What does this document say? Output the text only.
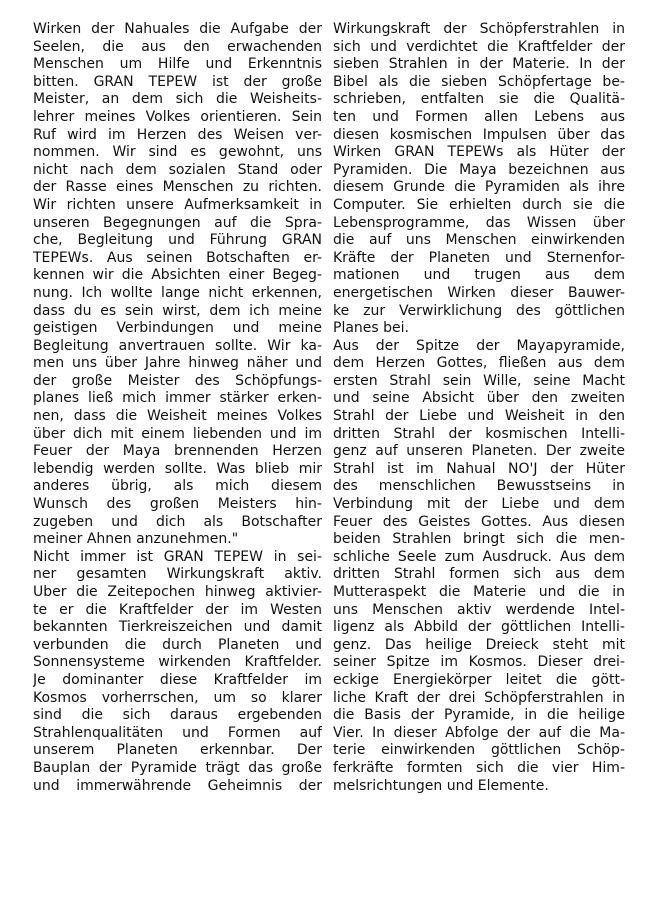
Wirken der Nahuales die Aufgabe der
Seelen, die aus den erwachenden
Menschen um Hilfe und Erkenntnis
bitten. GRAN TEPEW ist der große
Meister, an dem sich die Weisheits-
lehrer meines Volkes orientieren. Sein
Ruf wird im Herzen des Weisen ver-
nommen. Wir sind es gewohnt, uns
nicht nach dem sozialen Stand oder
der Rasse eines Menschen zu richten.
Wir richten unsere Aufmerksamkeit in
unseren Begegnungen auf die Spra-
che, Begleitung und Führung GRAN
TEPEWs. Aus seinen Botschaften er-
kennen wir die Absichten einer Begeg-
nung. Ich wollte lange nicht erkennen,
dass du es sein wirst, dem ich meine
geistigen Verbindungen und meine
Begleitung anvertrauen sollte. Wir ka-
men uns über Jahre hinweg näher und
der große Meister des Schöpfungs-
planes ließ mich immer stärker erken-
nen, dass die Weisheit meines Volkes
über dich mit einem liebenden und im
Feuer der Maya brennenden Herzen
lebendig werden sollte. Was blieb mir
anderes übrig, als mich diesem
Wunsch des großen Meisters hin-
zugeben und dich als Botschafter
meiner Ahnen anzunehmen."
Nicht immer ist GRAN TEPEW in sei-
ner gesamten Wirkungskraft aktiv.
Über die Zeitepochen hinweg aktivier-
te er die Kraftfelder der im Westen
bekannten Tierkreiszeichen und damit
verbunden die durch Planeten und
Sonnensysteme wirkenden Kraftfelder.
Je dominanter diese Kraftfelder im
Kosmos vorherrschen, um so klarer
sind die sich daraus ergebenden
Strahlenqualitäten und Formen auf
unserem Planeten erkennbar. Der
Bauplan der Pyramide trägt das große
und immerwährende Geheimnis der

Wirkungskraft der Schöpferstrahlen in
sich und verdichtet die Kraftfelder der
sieben Strahlen in der Materie. In der
Bibel als die sieben Schöpfertage be-
schrieben, entfalten sie die Qualitä-
ten und Formen allen Lebens aus
diesen kosmischen Impulsen über das
Wirken GRAN TEPEWs als Hüter der
Pyramiden. Die Maya bezeichnen aus
diesem Grunde die Pyramiden als ihre
Computer. Sie erhielten durch sie die
Lebensprogramme, das Wissen über
die auf uns Menschen einwirkenden
Kräfte der Planeten und Sternenfor-
mationen und trugen aus dem
energetischen Wirken dieser Bauwer-
ke zur Verwirklichung des göttlichen
Planes bei.
Aus der Spitze der Mayapyramide,
dem Herzen Gottes, fließen aus dem
ersten Strahl sein Wille, seine Macht
und seine Absicht über den zweiten
Strahl der Liebe und Weisheit in den
dritten Strahl der kosmischen Intelli-
genz auf unseren Planeten. Der zweite
Strahl ist im Nahual NO'J der Hüter
des menschlichen Bewusstseins in
Verbindung mit der Liebe und dem
Feuer des Geistes Gottes. Aus diesen
beiden Strahlen bringt sich die men-
schliche Seele zum Ausdruck. Aus dem
dritten Strahl formen sich aus dem
Mutteraspekt die Materie und die in
uns Menschen aktiv werdende Intel-
ligenz als Abbild der göttlichen Intelli-
genz. Das heilige Dreieck steht mit
seiner Spitze im Kosmos. Dieser drei-
eckige Energiekörper leitet die gött-
liche Kraft der drei Schöpferstrahlen in
die Basis der Pyramide, in die heilige
Vier. In dieser Abfolge der auf die Ma-
terie einwirkenden göttlichen Schöp-
ferkräfte formten sich die vier Him-
melsrichtungen und Elemente.
